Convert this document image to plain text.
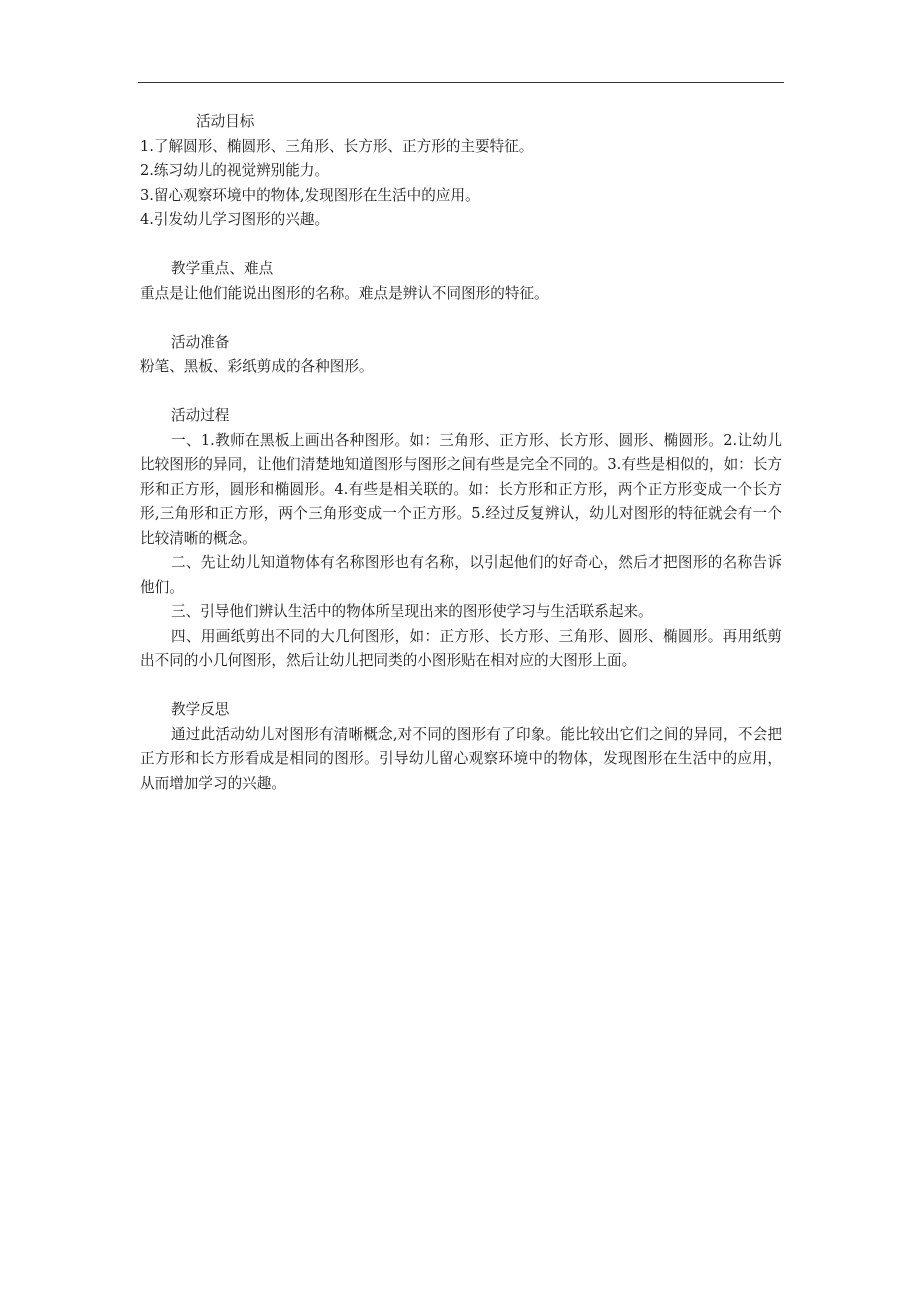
活动目标

1.了解圆形、椭圆形、三角形、长方形、正方形的主要特征。

2.练习幼儿的视觉辨别能力。

3.留心观察环境中的物体,发现图形在生活中的应用。

4.引发幼儿学习图形的兴趣。

教学重点、难点

重点是让他们能说出图形的名称。难点是辨认不同图形的特征。

活动准备

粉笔、黑板、彩纸剪成的各种图形。

活动过程

一、1.教师在黑板上画出各种图形。如：三角形、正方形、长方形、圆形、椭圆形。2.让幼儿比较图形的异同，让他们清楚地知道图形与图形之间有些是完全不同的。3.有些是相似的，如：长方形和正方形，圆形和椭圆形。4.有些是相关联的。如：长方形和正方形，两个正方形变成一个长方形,三角形和正方形，两个三角形变成一个正方形。5.经过反复辨认，幼儿对图形的特征就会有一个比较清晰的概念。

二、先让幼儿知道物体有名称图形也有名称，以引起他们的好奇心，然后才把图形的名称告诉他们。

三、引导他们辨认生活中的物体所呈现出来的图形使学习与生活联系起来。

四、用画纸剪出不同的大几何图形，如：正方形、长方形、三角形、圆形、椭圆形。再用纸剪出不同的小几何图形，然后让幼儿把同类的小图形贴在相对应的大图形上面。

教学反思

通过此活动幼儿对图形有清晰概念,对不同的图形有了印象。能比较出它们之间的异同，不会把正方形和长方形看成是相同的图形。引导幼儿留心观察环境中的物体，发现图形在生活中的应用，从而增加学习的兴趣。
